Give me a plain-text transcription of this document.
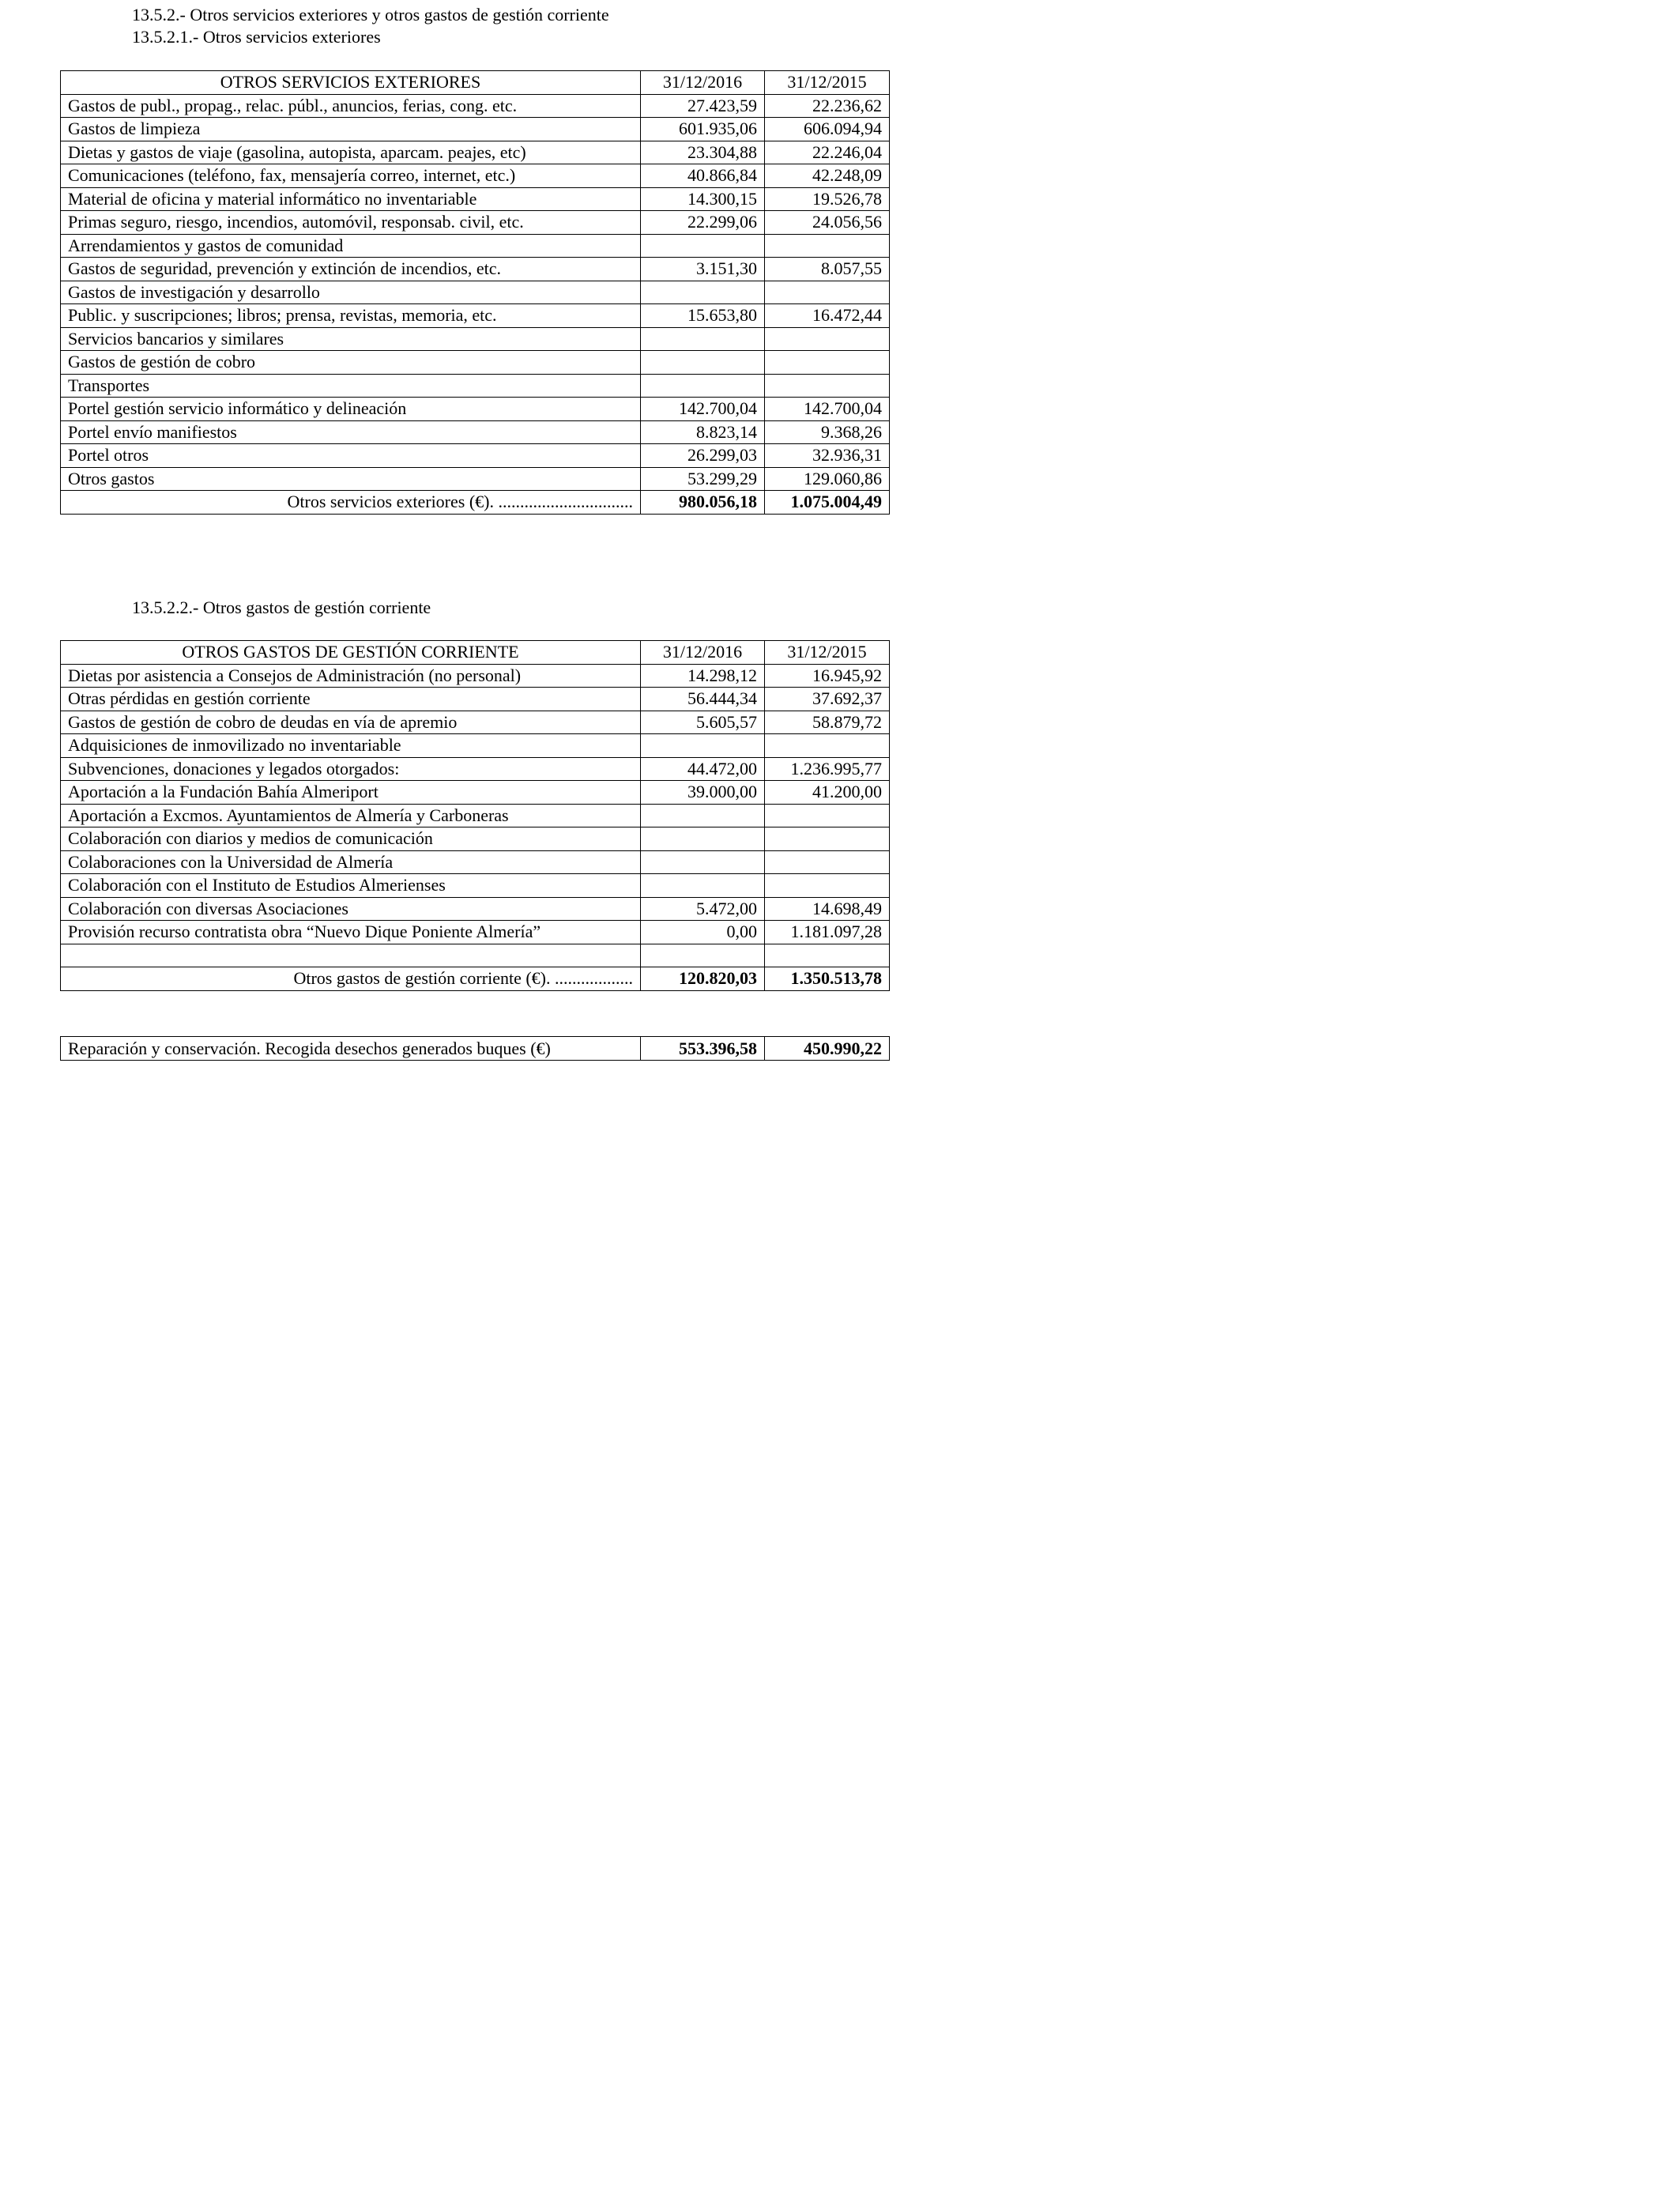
13.5.2.- Otros servicios exteriores y otros gastos de gestión corriente
13.5.2.1.- Otros servicios exteriores
OTROS SERVICIOS EXTERIORES	31/12/2016	31/12/2015
Gastos de publ., propag., relac. públ., anuncios, ferias, cong. etc.	27.423,59	22.236,62
Gastos de limpieza	601.935,06	606.094,94
Dietas y gastos de viaje (gasolina, autopista, aparcam. peajes, etc)	23.304,88	22.246,04
Comunicaciones (teléfono, fax, mensajería correo, internet, etc.)	40.866,84	42.248,09
Material de oficina y material informático no inventariable	14.300,15	19.526,78
Primas seguro, riesgo, incendios, automóvil, responsab. civil, etc.	22.299,06	24.056,56
Arrendamientos y gastos de comunidad		
Gastos de seguridad, prevención y extinción de incendios, etc.	3.151,30	8.057,55
Gastos de investigación y desarrollo		
Public. y suscripciones; libros; prensa, revistas, memoria, etc.	15.653,80	16.472,44
Servicios bancarios y similares		
Gastos de gestión de cobro		
Transportes		
Portel gestión servicio informático y delineación	142.700,04	142.700,04
Portel envío manifiestos	8.823,14	9.368,26
Portel otros	26.299,03	32.936,31
Otros gastos	53.299,29	129.060,86
Otros servicios exteriores (€). ...............................	980.056,18	1.075.004,49
13.5.2.2.- Otros gastos de gestión corriente
OTROS GASTOS DE GESTIÓN CORRIENTE	31/12/2016	31/12/2015
Dietas por asistencia a Consejos de Administración (no personal)	14.298,12	16.945,92
Otras pérdidas en gestión corriente	56.444,34	37.692,37
Gastos de gestión de cobro de deudas en vía de apremio	5.605,57	58.879,72
Adquisiciones de inmovilizado no inventariable		
Subvenciones, donaciones y legados otorgados:	44.472,00	1.236.995,77
Aportación a la Fundación Bahía Almeriport	39.000,00	41.200,00
Aportación a Excmos. Ayuntamientos de Almería y Carboneras		
Colaboración con diarios y medios de comunicación		
Colaboraciones con la Universidad de Almería		
Colaboración con el Instituto de Estudios Almerienses		
Colaboración con diversas Asociaciones	5.472,00	14.698,49
Provisión recurso contratista obra “Nuevo Dique Poniente Almería”	0,00	1.181.097,28

Otros gastos de gestión corriente (€). ..................	120.820,03	1.350.513,78
Reparación y conservación. Recogida desechos generados buques (€)	553.396,58	450.990,22
